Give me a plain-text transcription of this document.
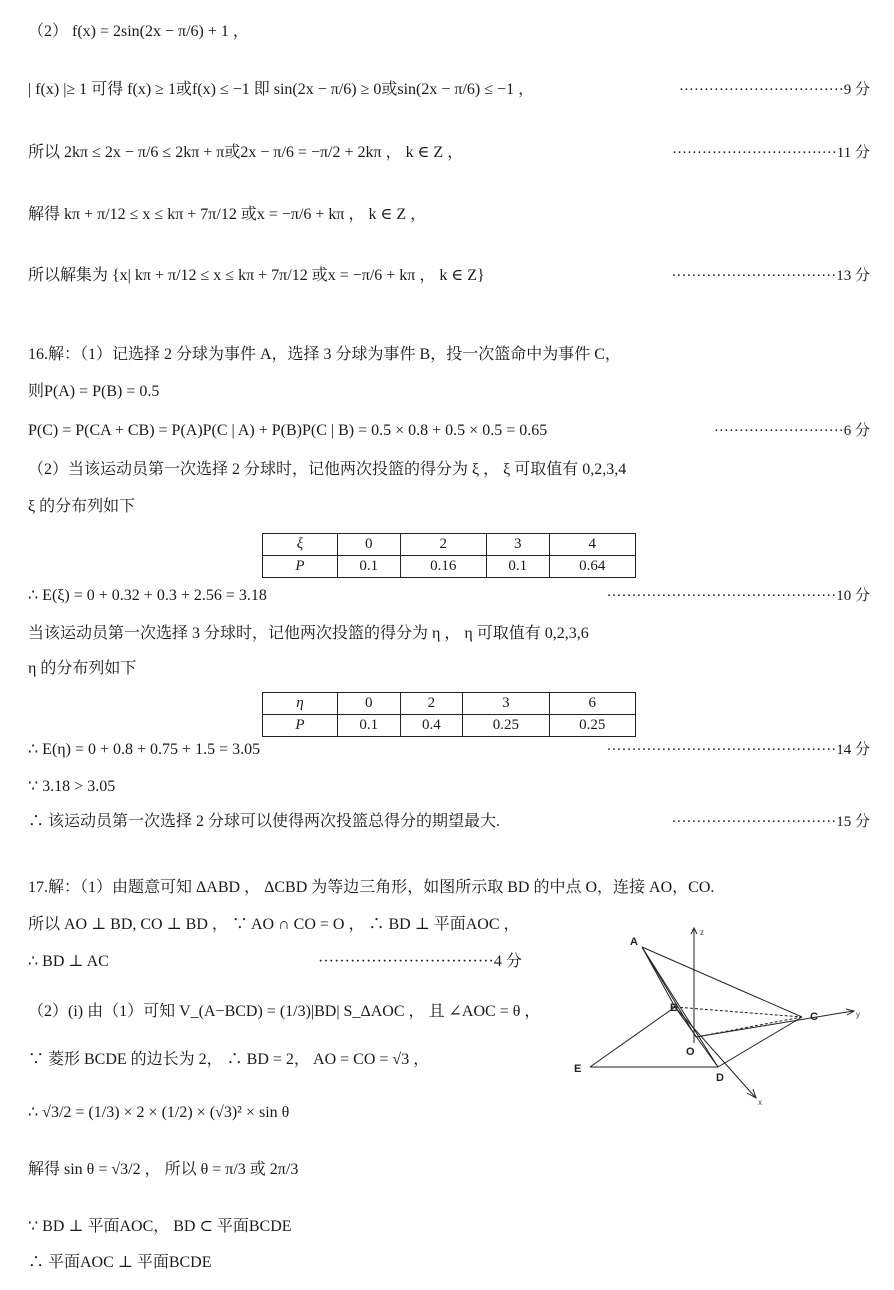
（2） f(x) = 2sin(2x − π/6) + 1 ，
| f(x) |≥ 1 可得 f(x) ≥ 1或f(x) ≤ −1 即 sin(2x − π/6) ≥ 0或sin(2x − π/6) ≤ −1 ，	·································9 分
所以 2kπ ≤ 2x − π/6 ≤ 2kπ + π或2x − π/6 = −π/2 + 2kπ ， k ∈ Z ，	·································11 分
解得 kπ + π/12 ≤ x ≤ kπ + 7π/12 或x = −π/6 + kπ ， k ∈ Z ，
所以解集为 {x| kπ + π/12 ≤ x ≤ kπ + 7π/12 或x = −π/6 + kπ ， k ∈ Z}	·································13 分
16.解：（1）记选择 2 分球为事件 A，选择 3 分球为事件 B，投一次篮命中为事件 C，
则P(A) = P(B) = 0.5
P(C) = P(CA + CB) = P(A)P(C | A) + P(B)P(C | B) = 0.5 × 0.8 + 0.5 × 0.5 = 0.65	··························6 分
（2）当该运动员第一次选择 2 分球时，记他两次投篮的得分为 ξ ， ξ 可取值有 0,2,3,4
ξ 的分布列如下
ξ	0	2	3	4
P	0.1	0.16	0.1	0.64
∴ E(ξ) = 0 + 0.32 + 0.3 + 2.56 = 3.18	··············································10 分
当该运动员第一次选择 3 分球时，记他两次投篮的得分为 η ， η 可取值有 0,2,3,6
η 的分布列如下
η	0	2	3	6
P	0.1	0.4	0.25	0.25
∴ E(η) = 0 + 0.8 + 0.75 + 1.5 = 3.05	··············································14 分
∵ 3.18 > 3.05
∴ 该运动员第一次选择 2 分球可以使得两次投篮总得分的期望最大.	·································15 分
17.解：（1）由题意可知 ΔABD ， ΔCBD 为等边三角形，如图所示取 BD 的中点 O，连接 AO，CO.
所以 AO ⊥ BD, CO ⊥ BD ， ∵ AO ∩ CO = O ， ∴ BD ⊥ 平面AOC ，
∴ BD ⊥ AC	·································4 分
（2）(i) 由（1）可知 V_(A−BCD) = (1/3)|BD| S_ΔAOC ， 且 ∠AOC = θ ，
∵ 菱形 BCDE 的边长为 2， ∴ BD = 2， AO = CO = √3 ，
∴ √3/2 = (1/3) × 2 × (1/2) × (√3)² × sin θ
解得 sin θ = √3/2 ， 所以 θ = π/3 或 2π/3
∵ BD ⊥ 平面AOC， BD ⊂ 平面BCDE
∴ 平面AOC ⊥ 平面BCDE
A
B
C
D
E
O
x
y
z
